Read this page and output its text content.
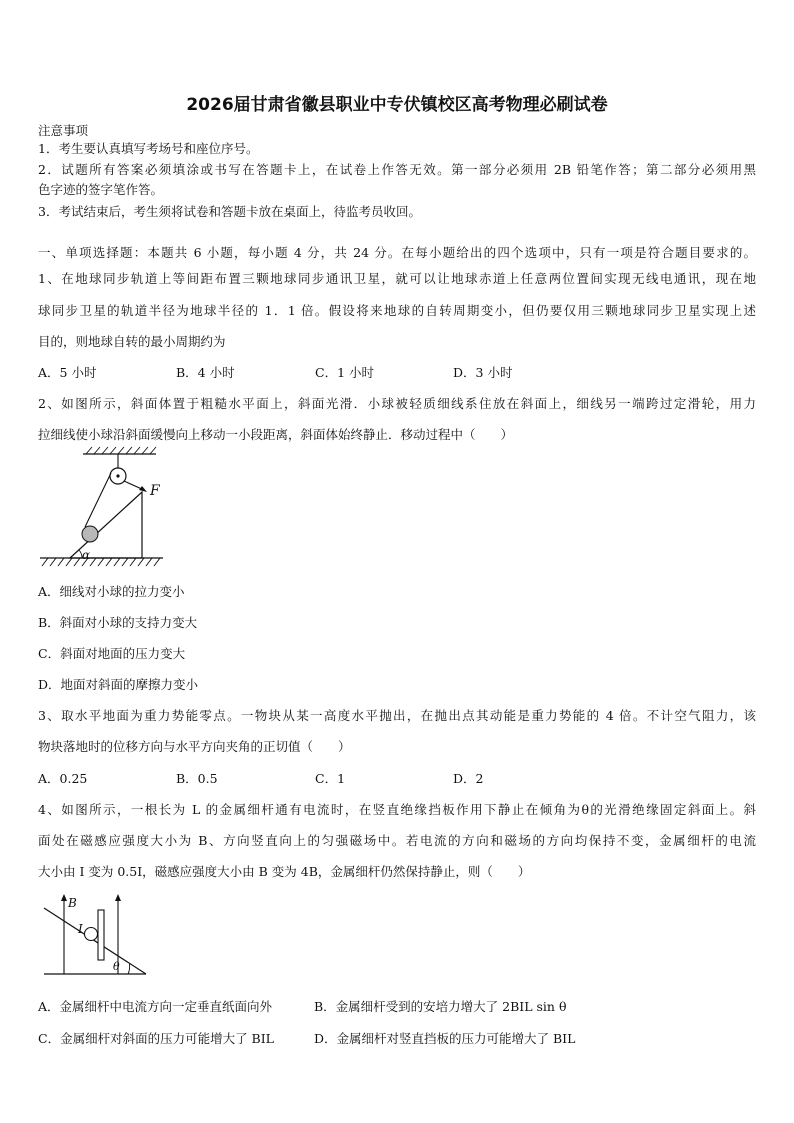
2026届甘肃省徽县职业中专伏镇校区高考物理必刷试卷
注意事项
1．考生要认真填写考场号和座位序号。
2．试题所有答案必须填涂或书写在答题卡上，在试卷上作答无效。第一部分必须用 2B 铅笔作答；第二部分必须用黑
色字迹的签字笔作答。
3．考试结束后，考生须将试卷和答题卡放在桌面上，待监考员收回。
一、单项选择题：本题共 6 小题，每小题 4 分，共 24 分。在每小题给出的四个选项中，只有一项是符合题目要求的。
1、在地球同步轨道上等间距布置三颗地球同步通讯卫星，就可以让地球赤道上任意两位置间实现无线电通讯，现在地
球同步卫星的轨道半径为地球半径的 1．1 倍。假设将来地球的自转周期变小，但仍要仅用三颗地球同步卫星实现上述
目的，则地球自转的最小周期约为
A．5 小时	B．4 小时	C．1 小时	D．3 小时
2、如图所示，斜面体置于粗糙水平面上，斜面光滑．小球被轻质细线系住放在斜面上，细线另一端跨过定滑轮，用力
拉细线使小球沿斜面缓慢向上移动一小段距离，斜面体始终静止．移动过程中（　　）
F
α
A．细线对小球的拉力变小
B．斜面对小球的支持力变大
C．斜面对地面的压力变大
D．地面对斜面的摩擦力变小
3、取水平地面为重力势能零点。一物块从某一高度水平抛出，在抛出点其动能是重力势能的 4 倍。不计空气阻力，该
物块落地时的位移方向与水平方向夹角的正切值（　　）
A．0.25	B．0.5	C．1	D．2
4、如图所示，一根长为 L 的金属细杆通有电流时，在竖直绝缘挡板作用下静止在倾角为θ的光滑绝缘固定斜面上。斜
面处在磁感应强度大小为 B、方向竖直向上的匀强磁场中。若电流的方向和磁场的方向均保持不变，金属细杆的电流
大小由 I 变为 0.5I，磁感应强度大小由 B 变为 4B，金属细杆仍然保持静止，则（　　）
B
I
θ
A．金属细杆中电流方向一定垂直纸面向外	B．金属细杆受到的安培力增大了 2BIL sin θ
C．金属细杆对斜面的压力可能增大了 BIL	D．金属细杆对竖直挡板的压力可能增大了 BIL
